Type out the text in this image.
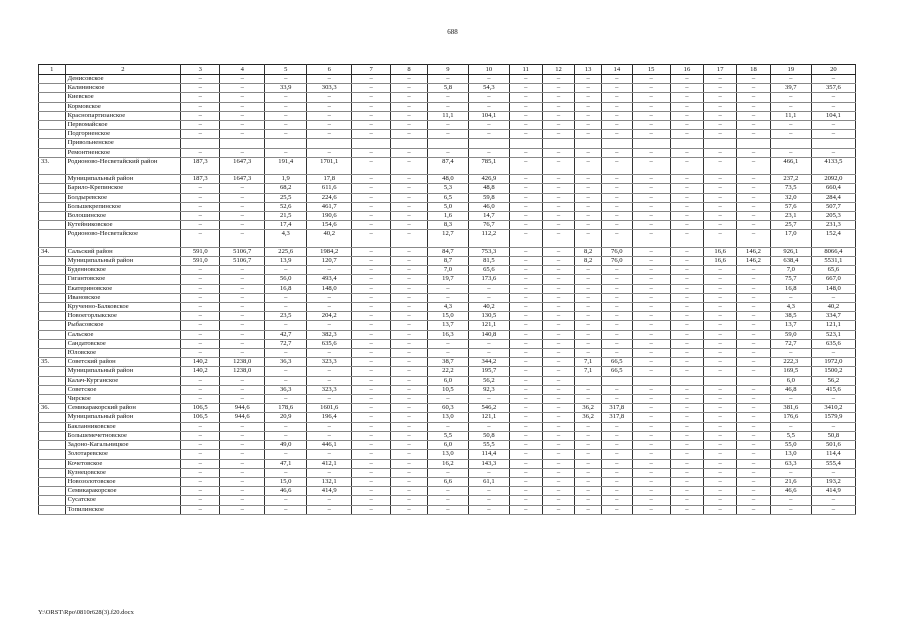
688
1	2	3	4	5	6	7	8	9	10	11	12	13	14	15	16	17	18	19	20
	Денисовское	–	–	–	–	–	–	–	–	–	–	–	–	–	–	–	–	–	–
	Калининское	–	–	33,9	303,3	–	–	5,8	54,3	–	–	–	–	–	–	–	–	39,7	357,6
	Киевское	–	–	–	–	–	–	–	–	–	–	–	–	–	–	–	–	–	–
	Кормовское	–	–	–	–	–	–	–	–	–	–	–	–	–	–	–	–	–	–
	Краснопартизанское	–	–	–	–	–	–	11,1	104,1	–	–	–	–	–	–	–	–	11,1	104,1
	Первомайское	–	–	–	–	–	–	–	–	–	–	–	–	–	–	–	–	–	–
	Подгорненское	–	–	–	–	–	–	–	–	–	–	–	–	–	–	–	–	–	–
	Привольненское																		
	Ремонтненское	–	–	–	–	–	–	–	–	–	–	–	–	–	–	–	–	–	–
33.	Родионово-Несветайский район	187,3	1647,3	191,4	1701,1	–	–	87,4	785,1	–	–	–	–	–	–	–	–	466,1	4133,5
	Муниципальный район	187,3	1647,3	1,9	17,8	–	–	48,0	426,9	–	–	–	–	–	–	–	–	237,2	2092,0
	Барило-Крепинское	–	–	68,2	611,6	–	–	5,3	48,8	–	–	–	–	–	–	–	–	73,5	660,4
	Болдыревское	–	–	25,5	224,6	–	–	6,5	59,8	–	–	–	–	–	–	–	–	32,0	284,4
	Большекрепинское	–	–	52,6	461,7	–	–	5,0	46,0	–	–	–	–	–	–	–	–	57,6	507,7
	Волошинское	–	–	21,5	190,6	–	–	1,6	14,7	–	–	–	–	–	–	–	–	23,1	205,3
	Кутейниковское	–	–	17,4	154,6	–	–	8,3	76,7	–	–	–	–	–	–	–	–	25,7	231,3
	Родионово-Несветайское	–	–	4,3	40,2	–	–	12,7	112,2	–	–	–	–	–	–	–	–	17,0	152,4
34.	Сальский район	591,0	5106,7	225,6	1984,2	–	–	84,7	753,3	–	–	8,2	76,0	–	–	16,6	146,2	926,1	8066,4
	Муниципальный район	591,0	5106,7	13,9	120,7	–	–	8,7	81,5	–	–	8,2	76,0	–	–	16,6	146,2	638,4	5531,1
	Буденновское	–	–	–	–	–	–	7,0	65,6	–	–	–	–	–	–	–	–	7,0	65,6
	Гигантовское	–	–	56,0	493,4	–	–	19,7	173,6	–	–	–	–	–	–	–	–	75,7	667,0
	Екатериновское	–	–	16,8	148,0	–	–	–	–	–	–	–	–	–	–	–	–	16,8	148,0
	Ивановское	–	–	–	–	–	–	–	–	–	–	–	–	–	–	–	–	–	–
	Крученно-Балковское	–	–	–	–	–	–	4,3	40,2	–	–	–	–	–	–	–	–	4,3	40,2
	Новоегорлыкское	–	–	23,5	204,2	–	–	15,0	130,5	–	–	–	–	–	–	–	–	38,5	334,7
	Рыбасовское	–	–	–	–	–	–	13,7	121,1	–	–	–	–	–	–	–	–	13,7	121,1
	Сальское	–	–	42,7	382,3	–	–	16,3	140,8	–	–	–	–	–	–	–	–	59,0	523,1
	Сандатовское	–	–	72,7	635,6	–	–	–	–	–	–	–	–	–	–	–	–	72,7	635,6
	Юловское	–	–	–	–	–	–	–	–	–	–	–	–	–	–	–	–	–	–
35.	Советский район	140,2	1238,0	36,3	323,3	–	–	38,7	344,2	–	–	7,1	66,5	–	–	–	–	222,3	1972,0
	Муниципальный район	140,2	1238,0	–	–	–	–	22,2	195,7	–	–	7,1	66,5	–	–	–	–	169,5	1500,2
	Калач-Курганское	–	–	–	–	–	–	6,0	56,2	–	–							6,0	56,2
	Советское	–	–	36,3	323,3	–	–	10,5	92,3	–	–	–	–	–	–	–	–	46,8	415,6
	Чирское	–	–	–	–	–	–	–	–	–	–	–	–	–	–	–	–	–	–
36.	Семикаракорский район	106,5	944,6	178,6	1601,6	–	–	60,3	546,2	–	–	36,2	317,8	–	–	–	–	381,6	3410,2
	Муниципальный район	106,5	944,6	20,9	196,4	–	–	13,0	121,1	–	–	36,2	317,8	–	–	–	–	176,6	1579,9
	Бакланниковское	–	–	–	–	–	–	–	–	–	–	–	–	–	–	–	–	–	–
	Большемечетновское	–	–	–	–	–	–	5,5	50,8	–	–	–	–	–	–	–	–	5,5	50,8
	Задоно-Кагальницкое	–	–	49,0	446,1	–	–	6,0	55,5	–	–	–	–	–	–	–	–	55,0	501,6
	Золотаревское	–	–	–	–	–	–	13,0	114,4	–	–	–	–	–	–	–	–	13,0	114,4
	Кочетовское	–	–	47,1	412,1	–	–	16,2	143,3	–	–	–	–	–	–	–	–	63,3	555,4
	Кузнецовское	–	–	–	–	–	–	–	–	–	–	–	–	–	–	–	–	–	–
	Новозолотовское	–	–	15,0	132,1	–	–	6,6	61,1	–	–	–	–	–	–	–	–	21,6	193,2
	Семикаракорское	–	–	46,6	414,9	–	–	–	–	–	–	–	–	–	–	–	–	46,6	414,9
	Сусатское	–	–	–	–	–	–	–	–	–	–	–	–	–	–	–	–	–	–
	Топилинское	–	–	–	–	–	–	–	–	–	–	–	–	–	–	–	–	–	–
Y:\ORST\Rpo\0810r628(3).f20.docx
